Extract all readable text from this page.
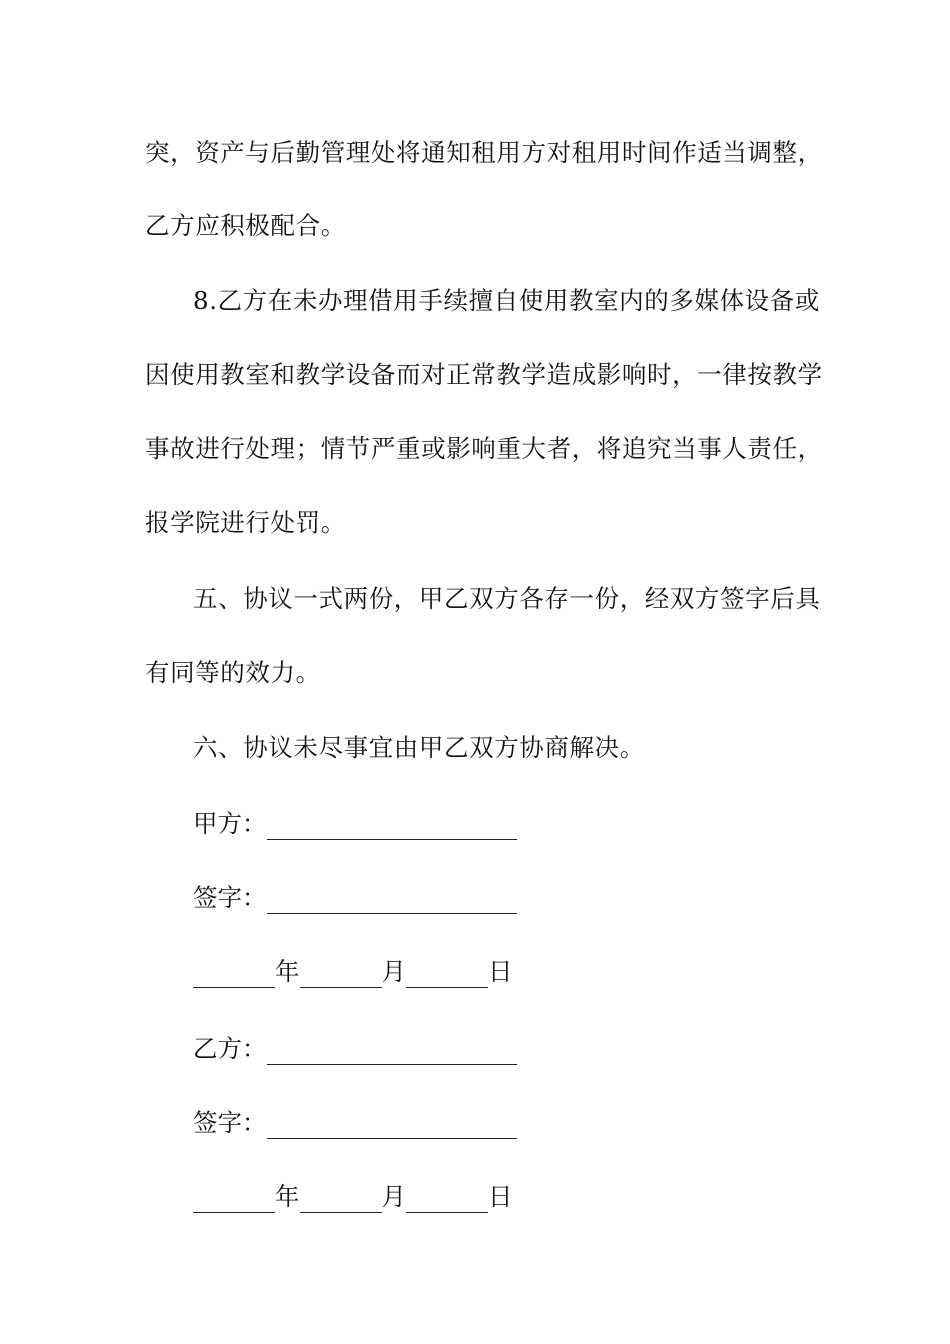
突，资产与后勤管理处将通知租用方对租用时间作适当调整，
乙方应积极配合。
8.乙方在未办理借用手续擅自使用教室内的多媒体设备或
因使用教室和教学设备而对正常教学造成影响时，一律按教学
事故进行处理；情节严重或影响重大者，将追究当事人责任，
报学院进行处罚。
五、协议一式两份，甲乙双方各存一份，经双方签字后具
有同等的效力。
六、协议未尽事宜由甲乙双方协商解决。
甲方：
签字：
年	月	日
乙方：
签字：
年	月	日
